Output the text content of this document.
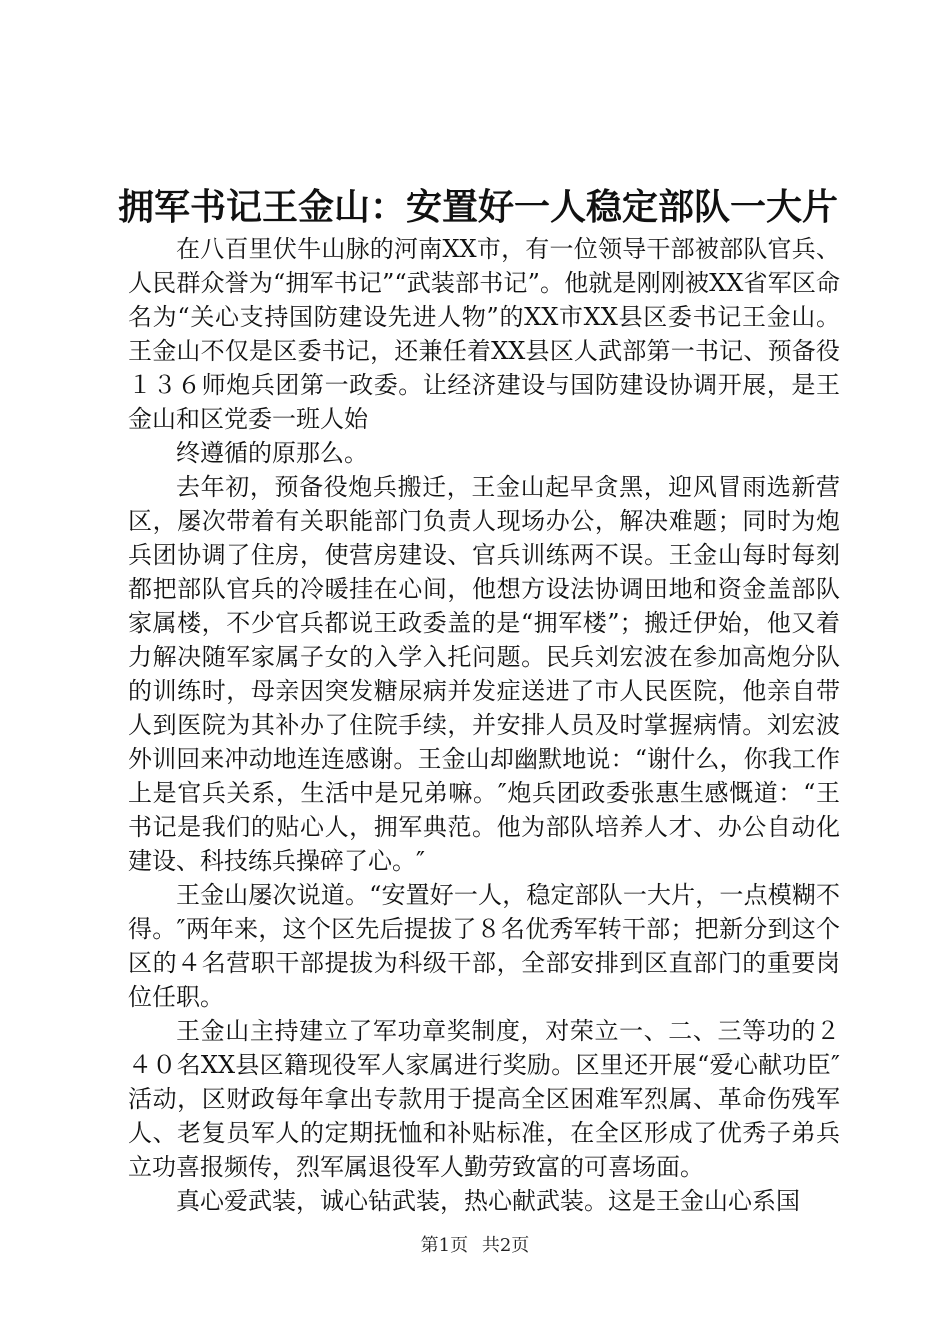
拥军书记王金山：安置好一人稳定部队一大片

在八百里伏牛山脉的河南XX市，有一位领导干部被部队官兵、人民群众誉为“拥军书记”“武装部书记”。他就是刚刚被XX省军区命名为“关心支持国防建设先进人物”的XX市XX县区委书记王金山。王金山不仅是区委书记，还兼任着XX县区人武部第一书记、预备役１３６师炮兵团第一政委。让经济建设与国防建设协调开展，是王金山和区党委一班人始

终遵循的原那么。

去年初，预备役炮兵搬迁，王金山起早贪黑，迎风冒雨选新营区，屡次带着有关职能部门负责人现场办公，解决难题；同时为炮兵团协调了住房，使营房建设、官兵训练两不误。王金山每时每刻都把部队官兵的冷暖挂在心间，他想方设法协调田地和资金盖部队家属楼，不少官兵都说王政委盖的是“拥军楼”；搬迁伊始，他又着力解决随军家属子女的入学入托问题。民兵刘宏波在参加高炮分队的训练时，母亲因突发糖尿病并发症送进了市人民医院，他亲自带人到医院为其补办了住院手续，并安排人员及时掌握病情。刘宏波外训回来冲动地连连感谢。王金山却幽默地说：“谢什么，你我工作上是官兵关系，生活中是兄弟嘛。″炮兵团政委张惠生感慨道：“王书记是我们的贴心人，拥军典范。他为部队培养人才、办公自动化建设、科技练兵操碎了心。″

王金山屡次说道。“安置好一人，稳定部队一大片，一点模糊不得。″两年来，这个区先后提拔了８名优秀军转干部；把新分到这个区的４名营职干部提拔为科级干部，全部安排到区直部门的重要岗位任职。

王金山主持建立了军功章奖制度，对荣立一、二、三等功的２４０名XX县区籍现役军人家属进行奖励。区里还开展“爱心献功臣″活动，区财政每年拿出专款用于提高全区困难军烈属、革命伤残军人、老复员军人的定期抚恤和补贴标准，在全区形成了优秀子弟兵立功喜报频传，烈军属退役军人勤劳致富的可喜场面。

真心爱武装，诚心钻武装，热心献武装。这是王金山心系国

第1页 共2页
